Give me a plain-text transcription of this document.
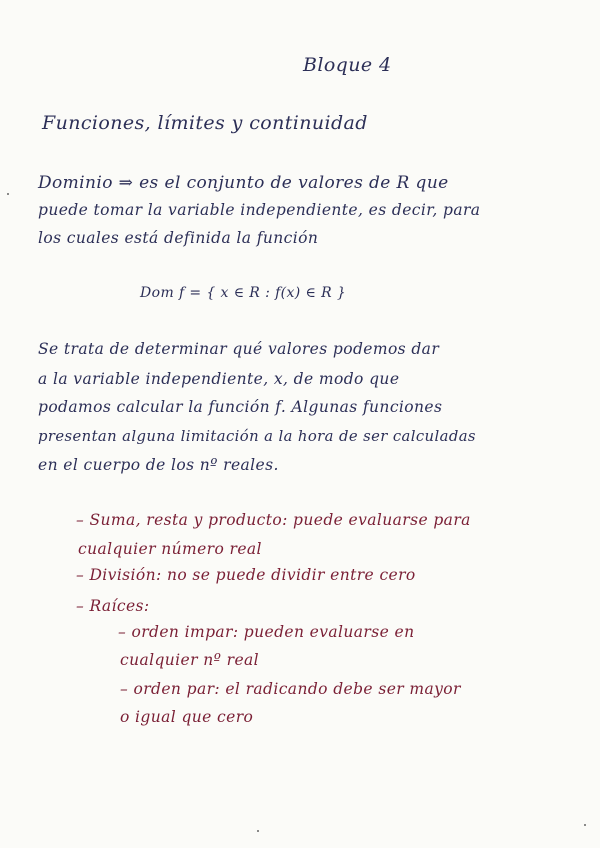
Bloque 4

Funciones, límites y continuidad

Dominio ⇒ es el conjunto de valores de R que

puede tomar la variable independiente, es decir, para

los cuales está definida la función

Dom f = { x ∈ R : f(x) ∈ R }

Se trata de determinar qué valores podemos dar

a la variable independiente, x, de modo que

podamos calcular la función f. Algunas funciones

presentan alguna limitación a la hora de ser calculadas

en el cuerpo de los nº reales.

– Suma, resta y producto: puede evaluarse para

cualquier número real

– División: no se puede dividir entre cero

– Raíces:

– orden impar: pueden evaluarse en

cualquier nº real

– orden par: el radicando debe ser mayor

o igual que cero
